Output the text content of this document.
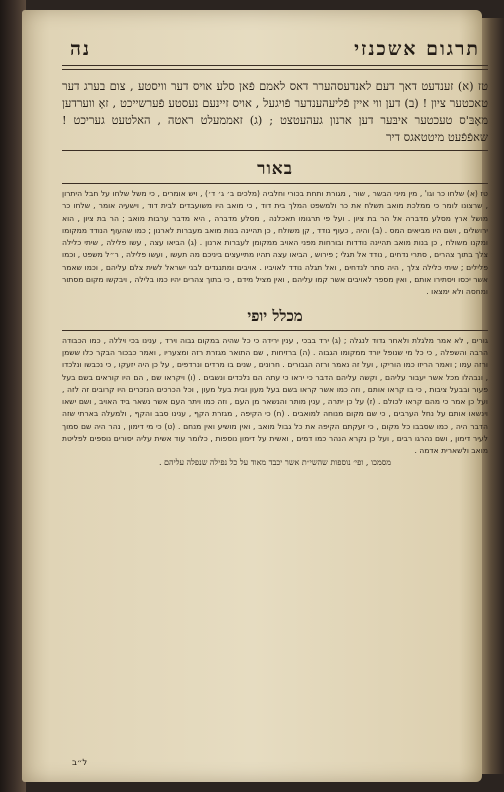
תרגום אשכנזי
נה
טז (א) זענדעט דאך דעם לאנדעסהערר דאס לאמם פֿאן סלע אויס דער וויסטע , צום בערג דער טאכטער ציון ! (ב) דען ווי איין פֿליעהענדער פֿויגעל , אויס זיינעם נעסטע פֿערשייכט , זאָ ווערדען מאָבּ'ס טעכטער איבּער דען ארנון געהעטצט ; (ג) זאממעלט ראטה , האלטעט געריכט ! שאפֿפֿעט מיטטאגס דיר
באור
טז (א) שלחו כר וגו' , מין מיני הבשר , שור , מגורת ותחת בכורי וחלביה (מלכים ב׳ ג׳ ד׳) , ויש אומרים , כי משל שלחו על חבל היתרון , שרצונו לומר כי ממלכת מואב תשלח את כר ולמשפט המלך בית דוד , כי מואב היו משועבדים לבית דוד , וישעיה אומר , שלחו כר מושל ארץ מסלע מדברה אל הר בת ציון . ועל פי תרגומו תאכלנה , מסלע מדברה , היא מדבר ערבות מואב ; הר בת ציון , הוא ירושלים , ושם היו מביאים המס . (ב) והיה , כעוף נודד , קן משולח , כן תהיינה בנות מואב מעברות לארנון ; כמו שהעוף הנודד ממקומו ומקנו משולח , כן בנות מואב תהיינה נודדות ובורחות מפני האויב ממקומן לעברות ארנון . (ג) הביאו עצה , עשו פלילה , שיתי כלילה צלך בתוך צהרים , סתרי נדחים , נודד אל תגלי ; פירוש , הביאו עצה תהיו מתייעצים ביניכם מה תעשו , ועשו פלילה , ר״ל משפט , וכמו פלילים ; שיתי כלילה צלך , היה סתר לנדחים , ואל תגלה נודד לאויביו . אויבים ומתנגדים לבני ישראל לשית צלם עליהם , וכמו שאמר אשר יכסו ויסתירו אותם , ואין מספר לאויבים אשר קמו עליהם , ואין מציל מידם , כי בתוך צהרים יהיו כמו בלילה , ויבקשו מקום מסתור ומחסה ולא ימצאו .
מכלל יופי
גורים , לא אמר מלגלת ולאחר גדוד לנגלה ; (ג) ירד בבכי , ענין ירידה כי כל שהיה במקום גבוה וירד , ענינו בכי ויללה , כמו הכבודה הרבה והשפלה , כי כל מי שנופל יורד ממקומו הגבוה . (ה) ברזיחות , שם התואר מגזרת רזה ומצעריו , ואמר כבכור הבקר כלו ששמן ורזה עמו ; ואמר הריזו כמו הוריקו , ועל זה נאמר ורזה הגבורים . חרונים , שנים בו מרדים ונרדפים , על כן היה יזעקו , כי נכבשו ונלכדו , ונבהלו מכל אשר יעבור עליהם , וקשה עליהם הדבר כי יראו כי עתה הם נלכדים ונשבים . (ו) ויקראו שם , הם היו קוראים בשם בעל פעור ובבעל ציבות , כי בו קראו אותם , וזה כמו אשר קראו בשם בעל מעון ובית בעל מעון , וכל הכרכים הנזכרים היו קרובים זה לזה , ועל כן אמר כי מהם קראו לכולם . (ז) על כן יתרה , ענין מותר והנשאר מן העם , וזה כמו ויתר העם אשר נשאר ביד האויב , ושם ישאו וינשאו אותם על נחל הערבים , כי שם מקום מנוחה למואבים . (ח) כי הקיפה , מגזרת הקף , ענינו סבב והקף , ולמעלה בארתי שזה הדבר היה , כמו שסבבו כל מקום , כי זעקתם הקיפה את כל גבול מואב , ואין מושיע ואין מנחם . (ט) כי מי דימון , נהר היה שם סמוך לעיר דימון , ושם נהרגו רבים , ועל כן נקרא הנהר כמו דמים , ואשית על דימון נוספות , כלומר עוד אשית עליה יסורים נוספים לפליטת מואב ולשארית אדמה .
מסמכו , ופי׳ נוספות שהשי״ת אשר יכבד מאוד על כל נפילה שנפלה עליהם .
ל״ב
